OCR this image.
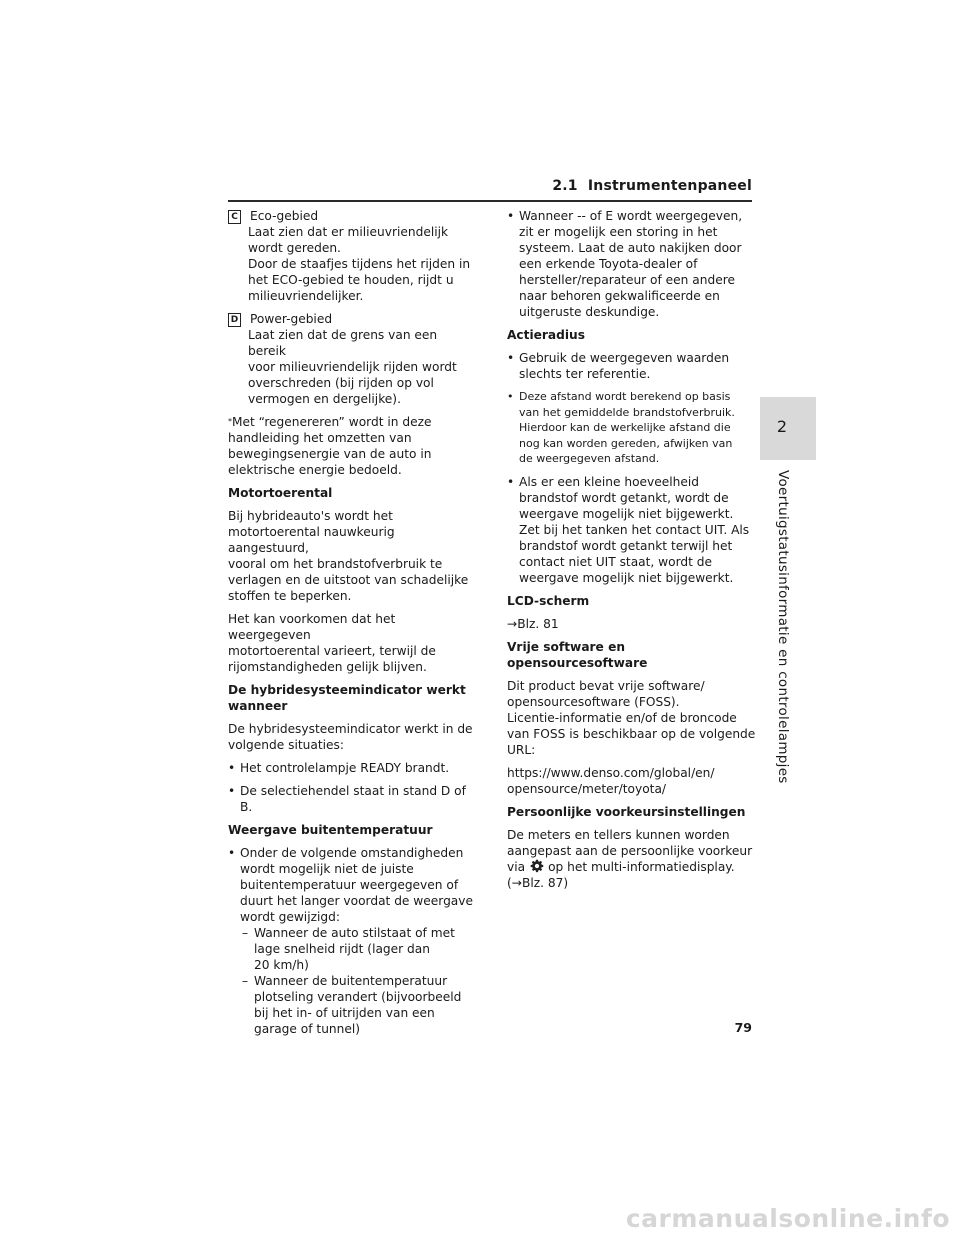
2.1 Instrumentenpaneel
C Eco-gebied
Laat zien dat er milieuvriendelijk
wordt gereden.
Door de staafjes tijdens het rijden in
het ECO-gebied te houden, rijdt u
milieuvriendelijker.
D Power-gebied
Laat zien dat de grens van een bereik
voor milieuvriendelijk rijden wordt
overschreden (bij rijden op vol
vermogen en dergelijke).

*Met “regenereren” wordt in deze
handleiding het omzetten van
bewegingsenergie van de auto in
elektrische energie bedoeld.

Motortoerental

Bij hybrideauto's wordt het
motortoerental nauwkeurig aangestuurd,
vooral om het brandstofverbruik te
verlagen en de uitstoot van schadelijke
stoffen te beperken.

Het kan voorkomen dat het weergegeven
motortoerental varieert, terwijl de
rijomstandigheden gelijk blijven.

De hybridesysteemindicator werkt
wanneer

De hybridesysteemindicator werkt in de
volgende situaties:

• Het controlelampje READY brandt.
• De selectiehendel staat in stand D of
B.

Weergave buitentemperatuur

• Onder de volgende omstandigheden
wordt mogelijk niet de juiste
buitentemperatuur weergegeven of
duurt het langer voordat de weergave
wordt gewijzigd:
– Wanneer de auto stilstaat of met
lage snelheid rijdt (lager dan
20 km/h)
– Wanneer de buitentemperatuur
plotseling verandert (bijvoorbeeld
bij het in- of uitrijden van een
garage of tunnel)
• Wanneer -- of E wordt weergegeven,
zit er mogelijk een storing in het
systeem. Laat de auto nakijken door
een erkende Toyota-dealer of
hersteller/reparateur of een andere
naar behoren gekwalificeerde en
uitgeruste deskundige.

Actieradius

• Gebruik de weergegeven waarden
slechts ter referentie.
• Deze afstand wordt berekend op basis
van het gemiddelde brandstofverbruik.
Hierdoor kan de werkelijke afstand die
nog kan worden gereden, afwijken van
de weergegeven afstand.
• Als er een kleine hoeveelheid
brandstof wordt getankt, wordt de
weergave mogelijk niet bijgewerkt.
Zet bij het tanken het contact UIT. Als
brandstof wordt getankt terwijl het
contact niet UIT staat, wordt de
weergave mogelijk niet bijgewerkt.

LCD-scherm

→Blz. 81

Vrije software en opensourcesoftware

Dit product bevat vrije software/
opensourcesoftware (FOSS).
Licentie-informatie en/of de broncode
van FOSS is beschikbaar op de volgende
URL:

https://www.denso.com/global/en/
opensource/meter/toyota/

Persoonlijke voorkeursinstellingen

De meters en tellers kunnen worden
aangepast aan de persoonlijke voorkeur
via op het multi-informatiedisplay.
(→Blz. 87)

2
Voertuigstatusinformatie en controlelampjes
79
carmanualsonline.info
